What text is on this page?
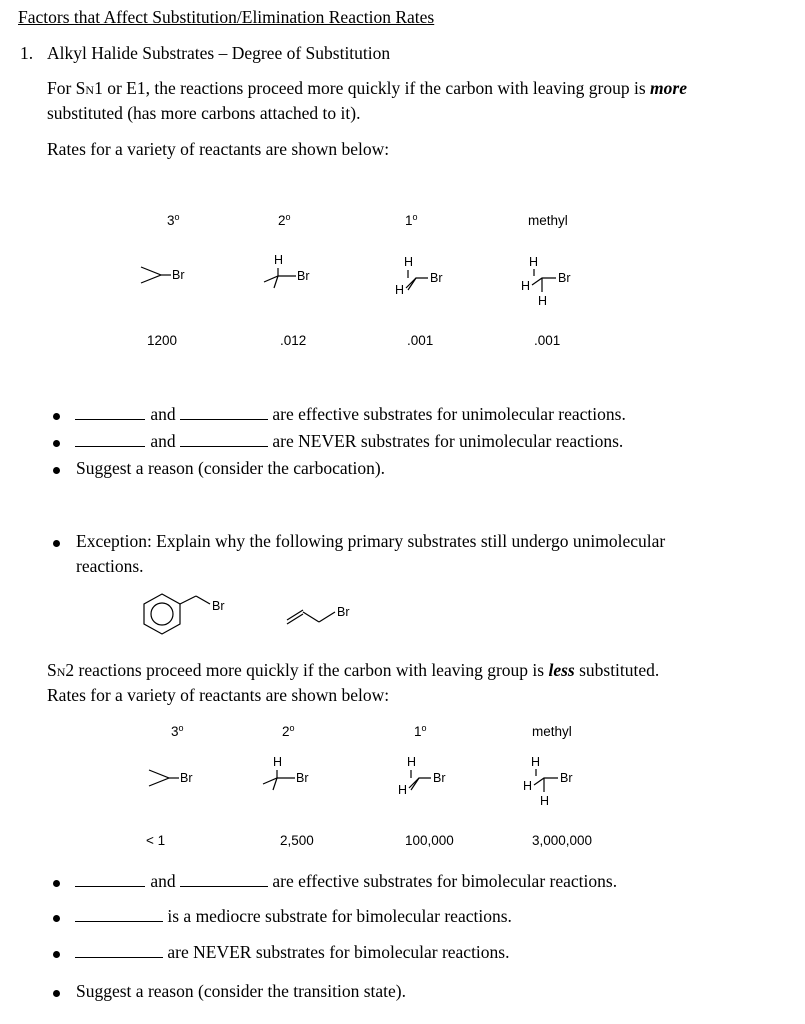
Factors that Affect Substitution/Elimination Reaction Rates
1. Alkyl Halide Substrates – Degree of Substitution
For SN1 or E1, the reactions proceed more quickly if the carbon with leaving group is more
substituted (has more carbons attached to it).
Rates for a variety of reactants are shown below:
3$^o$	2$^o$	1$^o$	methyl
Br
H
Br
H
H
Br
H
H
H
Br
1200	.012	.001	.001
and	are effective substrates for unimolecular reactions.
and	are NEVER substrates for unimolecular reactions.
Suggest a reason (consider the carbocation).
Exception: Explain why the following primary substrates still undergo unimolecular
reactions.
Br	Br
SN2 reactions proceed more quickly if the carbon with leaving group is less substituted.
Rates for a variety of reactants are shown below:
3$^o$	2$^o$	1$^o$	methyl
Br
H
Br
H
H
Br
H
H
H
Br
< 1	2,500	100,000	3,000,000
and	are effective substrates for bimolecular reactions.
is a mediocre substrate for bimolecular reactions.
are NEVER substrates for bimolecular reactions.
Suggest a reason (consider the transition state).
